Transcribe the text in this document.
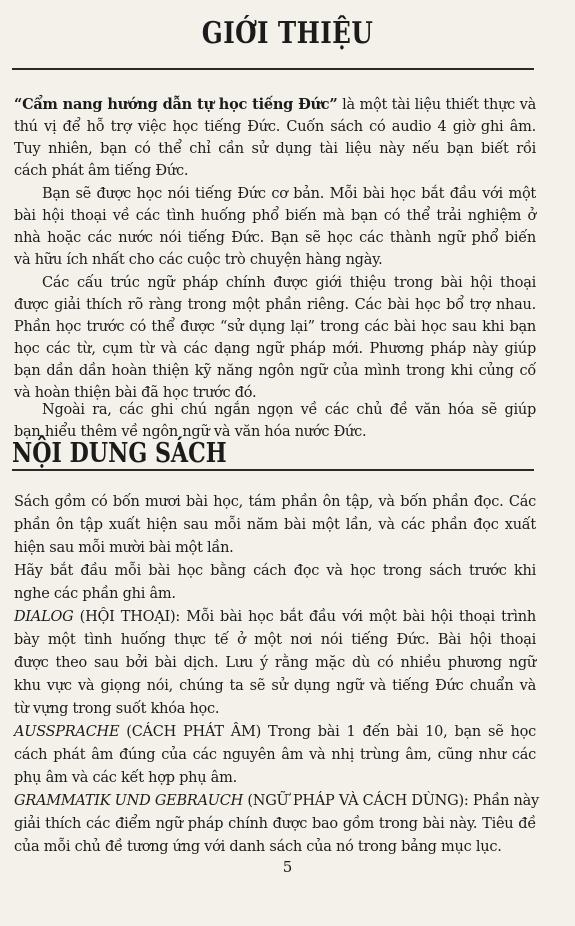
GIỚI THIỆU
“Cẩm nang hướng dẫn tự học tiếng Đức” là một tài liệu thiết thực và
thú vị để hỗ trợ việc học tiếng Đức. Cuốn sách có audio 4 giờ ghi âm.
Tuy nhiên, bạn có thể chỉ cần sử dụng tài liệu này nếu bạn biết rồi
cách phát âm tiếng Đức.
Bạn sẽ được học nói tiếng Đức cơ bản. Mỗi bài học bắt đầu với một
bài hội thoại về các tình huống phổ biến mà bạn có thể trải nghiệm ở
nhà hoặc các nước nói tiếng Đức. Bạn sẽ học các thành ngữ phổ biến
và hữu ích nhất cho các cuộc trò chuyện hàng ngày.
Các cấu trúc ngữ pháp chính được giới thiệu trong bài hội thoại
được giải thích rõ ràng trong một phần riêng. Các bài học bổ trợ nhau.
Phần học trước có thể được “sử dụng lại” trong các bài học sau khi bạn
học các từ, cụm từ và các dạng ngữ pháp mới. Phương pháp này giúp
bạn dần dần hoàn thiện kỹ năng ngôn ngữ của mình trong khi củng cố
và hoàn thiện bài đã học trước đó.
Ngoài ra, các ghi chú ngắn ngọn về các chủ đề văn hóa sẽ giúp
bạn hiểu thêm về ngôn ngữ và văn hóa nước Đức.
NỘI DUNG SÁCH
Sách gồm có bốn mươi bài học, tám phần ôn tập, và bốn phần đọc. Các
phần ôn tập xuất hiện sau mỗi năm bài một lần, và các phần đọc xuất
hiện sau mỗi mười bài một lần.
Hãy bắt đầu mỗi bài học bằng cách đọc và học trong sách trước khi
nghe các phần ghi âm.
DIALOG (HỘI THOẠI): Mỗi bài học bắt đầu với một bài hội thoại trình
bày một tình huống thực tế ở một nơi nói tiếng Đức. Bài hội thoại
được theo sau bởi bài dịch. Lưu ý rằng mặc dù có nhiều phương ngữ
khu vực và giọng nói, chúng ta sẽ sử dụng ngữ và tiếng Đức chuẩn và
từ vựng trong suốt khóa học.
AUSSPRACHE (CÁCH PHÁT ÂM) Trong bài 1 đến bài 10, bạn sẽ học
cách phát âm đúng của các nguyên âm và nhị trùng âm, cũng như các
phụ âm và các kết hợp phụ âm.
GRAMMATIK UND GEBRAUCH (NGỮ PHÁP VÀ CÁCH DÙNG): Phần này
giải thích các điểm ngữ pháp chính được bao gồm trong bài này. Tiêu đề
của mỗi chủ đề tương ứng với danh sách của nó trong bảng mục lục.
5
